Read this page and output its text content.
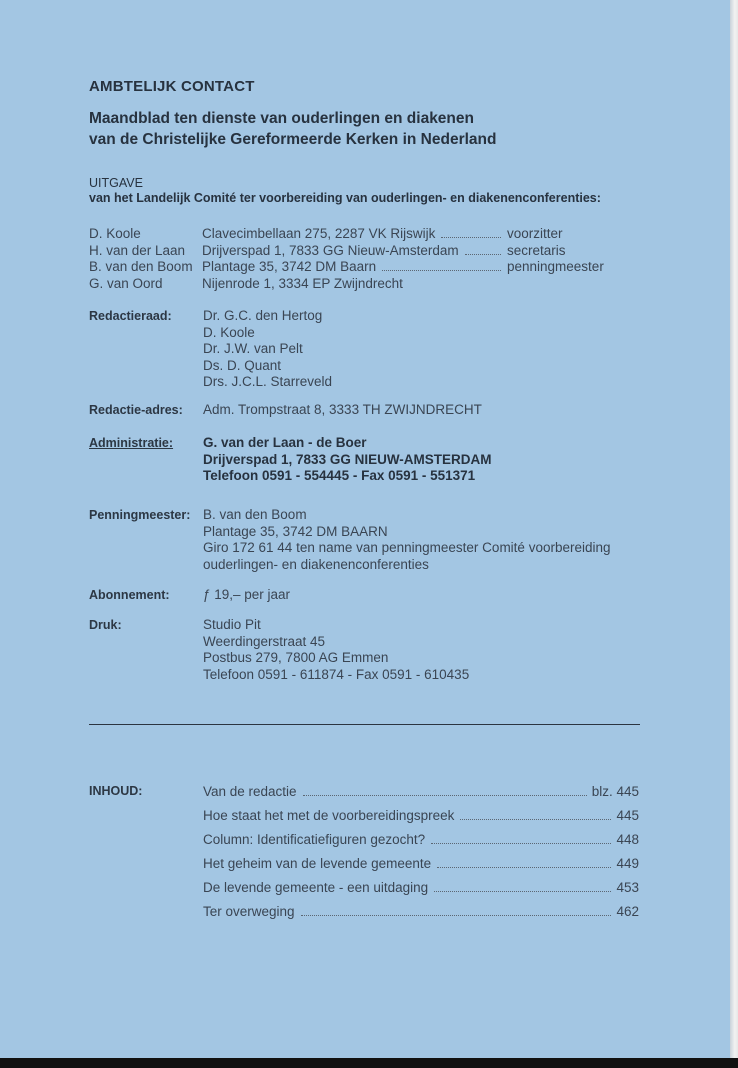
AMBTELIJK CONTACT
Maandblad ten dienste van ouderlingen en diakenen
van de Christelijke Gereformeerde Kerken in Nederland
UITGAVE
van het Landelijk Comité ter voorbereiding van ouderlingen- en diakenenconferenties:
D. Koole	Clavecimbellaan 275, 2287 VK Rijswijk	voorzitter
H. van der Laan	Drijverspad 1, 7833 GG Nieuw-Amsterdam	secretaris
B. van den Boom Plantage 35, 3742 DM Baarn	penningmeester
G. van Oord	Nijenrode 1, 3334 EP Zwijndrecht
Redactieraad: Dr. G.C. den Hertog
D. Koole
Dr. J.W. van Pelt
Ds. D. Quant
Drs. J.C.L. Starreveld
Redactie-adres: Adm. Trompstraat 8, 3333 TH ZWIJNDRECHT
Administratie: G. van der Laan - de Boer
Drijverspad 1, 7833 GG NIEUW-AMSTERDAM
Telefoon 0591 - 554445 - Fax 0591 - 551371
Penningmeester: B. van den Boom
Plantage 35, 3742 DM BAARN
Giro 172 61 44 ten name van penningmeester Comité voorbereiding
ouderlingen- en diakenenconferenties
Abonnement: ƒ 19,– per jaar
Druk:	Studio Pit
Weerdingerstraat 45
Postbus 279, 7800 AG Emmen
Telefoon 0591 - 611874 - Fax 0591 - 610435
INHOUD:	Van de redactie	blz. 445
Hoe staat het met de voorbereidingspreek	445
Column: Identificatiefiguren gezocht?	448
Het geheim van de levende gemeente	449
De levende gemeente - een uitdaging	453
Ter overweging	462
